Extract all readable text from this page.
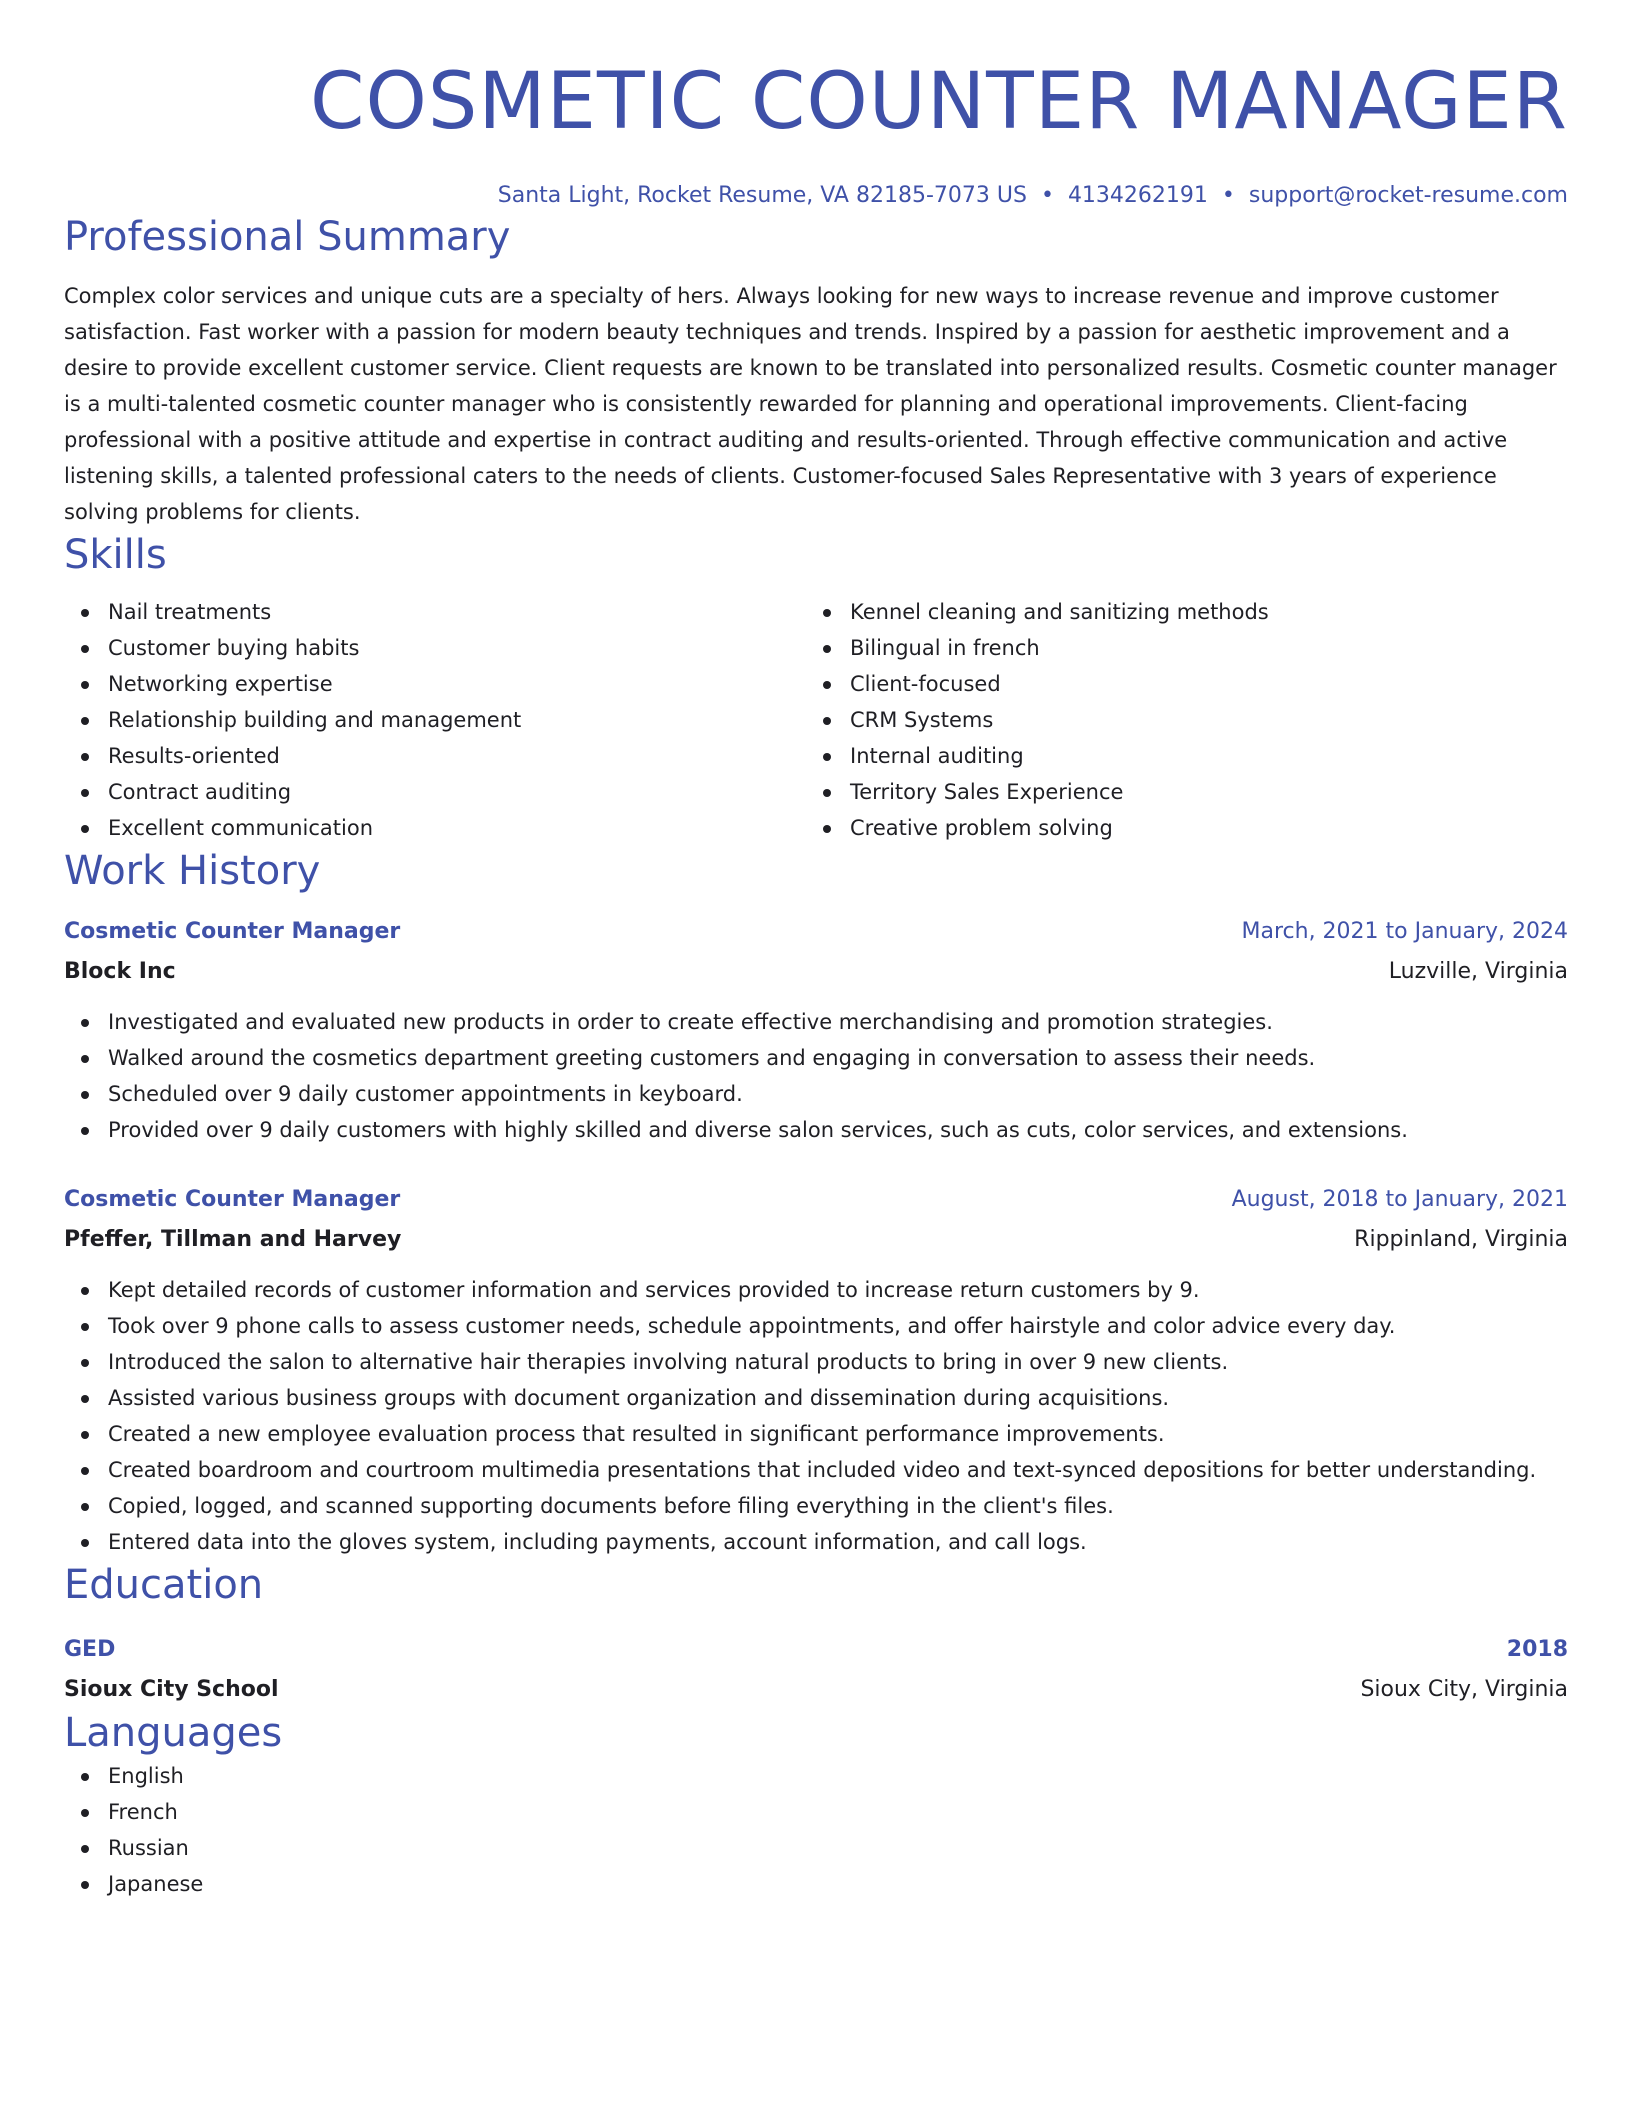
COSMETIC COUNTER MANAGER
Santa Light, Rocket Resume, VA 82185-7073 US • 4134262191 • support@rocket-resume.com
Professional Summary

Complex color services and unique cuts are a specialty of hers. Always looking for new ways to increase revenue and improve customer satisfaction. Fast worker with a passion for modern beauty techniques and trends. Inspired by a passion for aesthetic improvement and a desire to provide excellent customer service. Client requests are known to be translated into personalized results. Cosmetic counter manager is a multi-talented cosmetic counter manager who is consistently rewarded for planning and operational improvements. Client-facing professional with a positive attitude and expertise in contract auditing and results-oriented. Through effective communication and active listening skills, a talented professional caters to the needs of clients. Customer-focused Sales Representative with 3 years of experience solving problems for clients.

Skills
Nail treatments
Customer buying habits
Networking expertise
Relationship building and management
Results-oriented
Contract auditing
Excellent communication
Kennel cleaning and sanitizing methods
Bilingual in french
Client-focused
CRM Systems
Internal auditing
Territory Sales Experience
Creative problem solving
Work History
Cosmetic Counter Manager	March, 2021 to January, 2024
Block Inc	Luzville, Virginia
Investigated and evaluated new products in order to create effective merchandising and promotion strategies.
Walked around the cosmetics department greeting customers and engaging in conversation to assess their needs.
Scheduled over 9 daily customer appointments in keyboard.
Provided over 9 daily customers with highly skilled and diverse salon services, such as cuts, color services, and extensions.
Cosmetic Counter Manager	August, 2018 to January, 2021
Pfeffer, Tillman and Harvey	Rippinland, Virginia
Kept detailed records of customer information and services provided to increase return customers by 9.
Took over 9 phone calls to assess customer needs, schedule appointments, and offer hairstyle and color advice every day.
Introduced the salon to alternative hair therapies involving natural products to bring in over 9 new clients.
Assisted various business groups with document organization and dissemination during acquisitions.
Created a new employee evaluation process that resulted in significant performance improvements.
Created boardroom and courtroom multimedia presentations that included video and text-synced depositions for better understanding.
Copied, logged, and scanned supporting documents before filing everything in the client's files.
Entered data into the gloves system, including payments, account information, and call logs.
Education
GED	2018
Sioux City School	Sioux City, Virginia
Languages
English
French
Russian
Japanese
